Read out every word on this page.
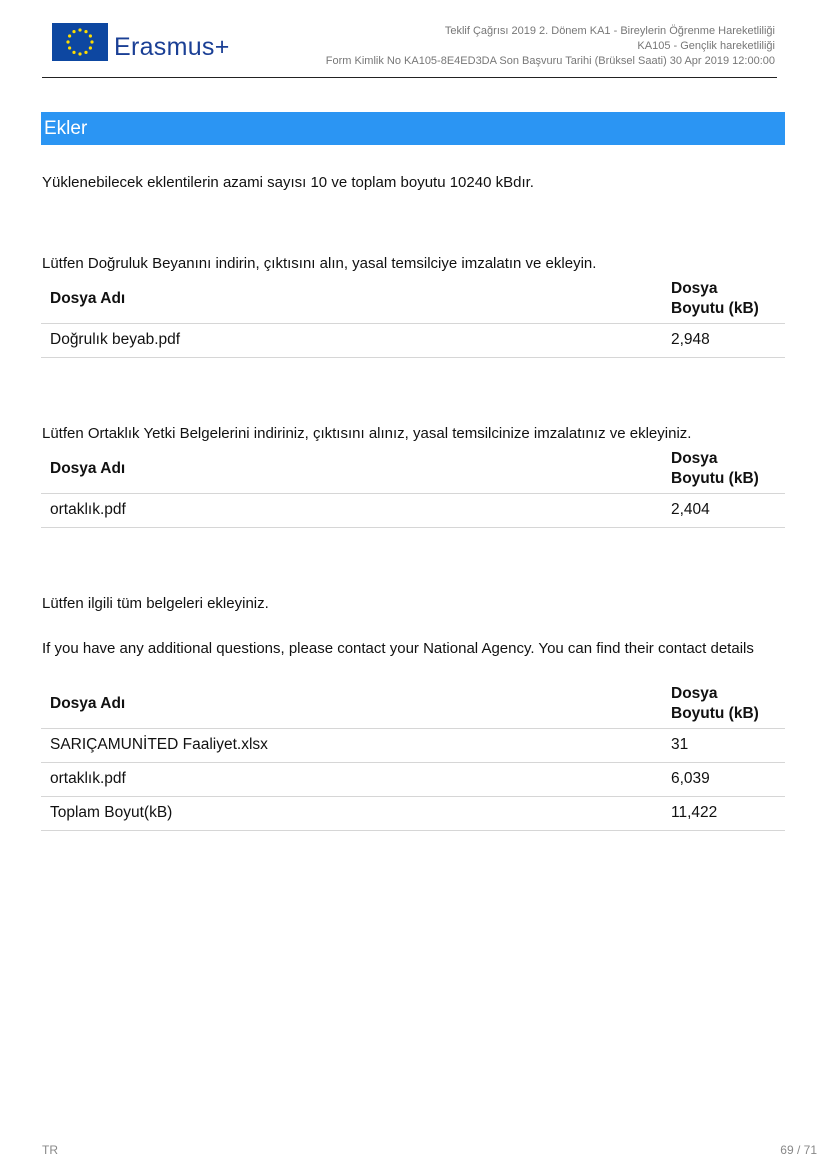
Erasmus+
Teklif Çağrısı 2019 2. Dönem KA1 - Bireylerin Öğrenme Hareketliliği
KA105 - Gençlik hareketliliği
Form Kimlik No KA105-8E4ED3DA Son Başvuru Tarihi (Brüksel Saati) 30 Apr 2019 12:00:00
Ekler
Yüklenebilecek eklentilerin azami sayısı 10 ve toplam boyutu 10240 kBdır.
Lütfen Doğruluk Beyanını indirin, çıktısını alın, yasal temsilciye imzalatın ve ekleyin.
Dosya Adı	Dosya
Boyutu (kB)
Doğrulık beyab.pdf	2,948
Lütfen Ortaklık Yetki Belgelerini indiriniz, çıktısını alınız, yasal temsilcinize imzalatınız ve ekleyiniz.
Dosya Adı	Dosya
Boyutu (kB)
ortaklık.pdf	2,404
Lütfen ilgili tüm belgeleri ekleyiniz.
If you have any additional questions, please contact your National Agency. You can find their contact details
Dosya Adı	Dosya
Boyutu (kB)
SARIÇAMUNİTED Faaliyet.xlsx	31
ortaklık.pdf	6,039
Toplam Boyut(kB)	11,422
TR	69 / 71
